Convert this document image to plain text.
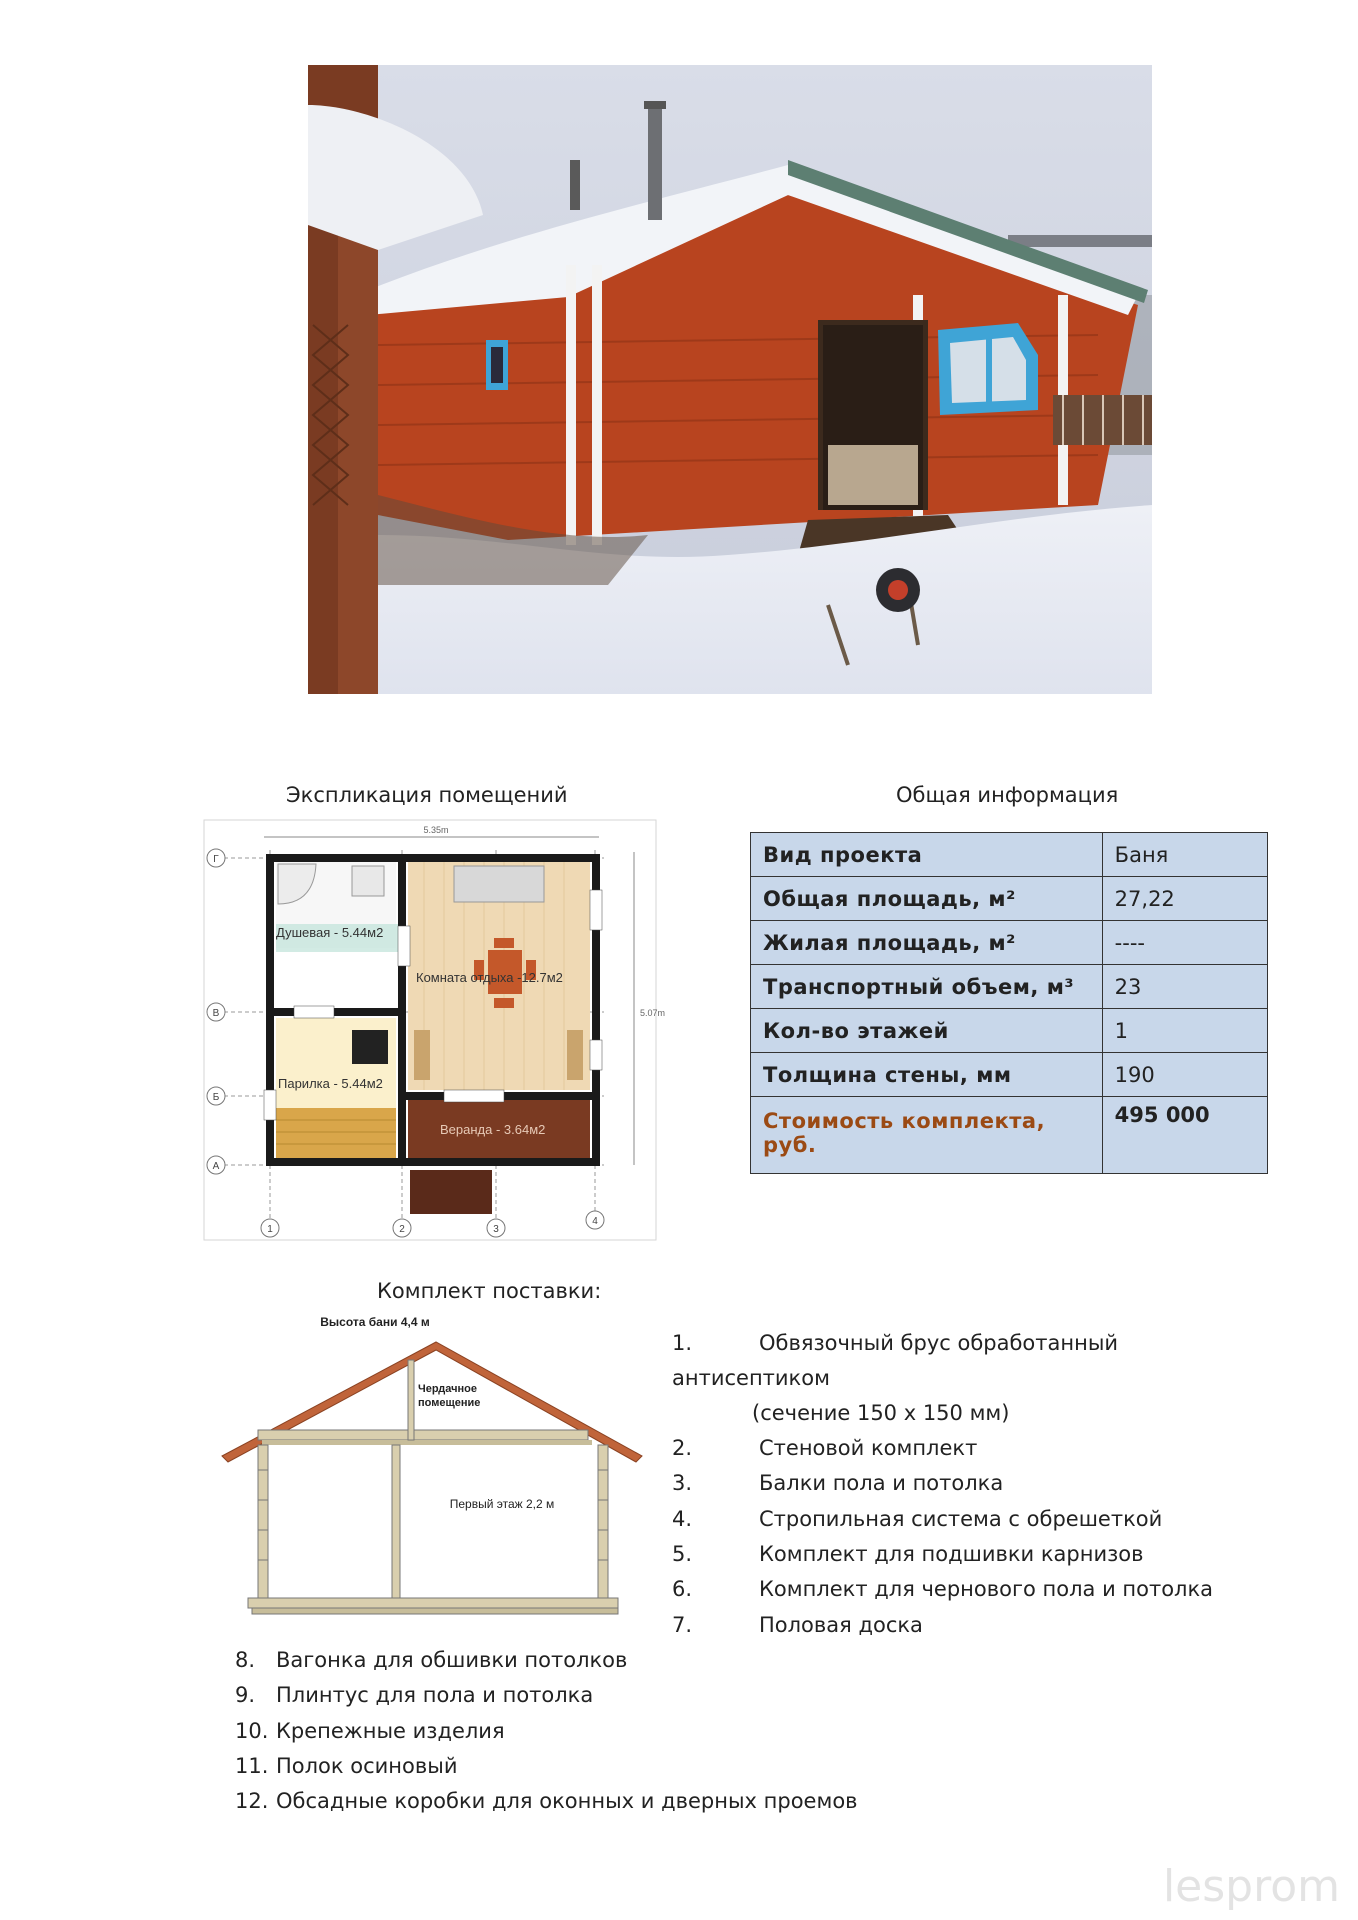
Экспликация помещений	Общая информация
5.35m
5.07m
Г
В
Б
А
1	2	3
4
Душевая - 5.44м2
Комната отдыха -12.7м2
Парилка - 5.44м2
Веранда - 3.64м2
Вид проекта	Баня
Общая площадь, м²	27,22
Жилая площадь, м²	----
Транспортный объем, м³	23
Кол-во этажей	1
Толщина стены, мм	190
Стоимость комплекта, руб.	495 000
Комплект поставки:
Высота бани 4,4 м
Чердачное
помещение
Первый этаж 2,2 м
1.	Обвязочный брус обработанный
антисептиком
(сечение 150 х 150 мм)
2.	Стеновой комплект
3.	Балки пола и потолка
4.	Стропильная система с обрешеткой
5.	Комплект для подшивки карнизов
6.	Комплект для чернового пола и потолка
7.	Половая доска
8. Вагонка для обшивки потолков
9. Плинтус для пола и потолка
10. Крепежные изделия
11. Полок осиновый
12. Обсадные коробки для оконных и дверных проемов
lesprom
